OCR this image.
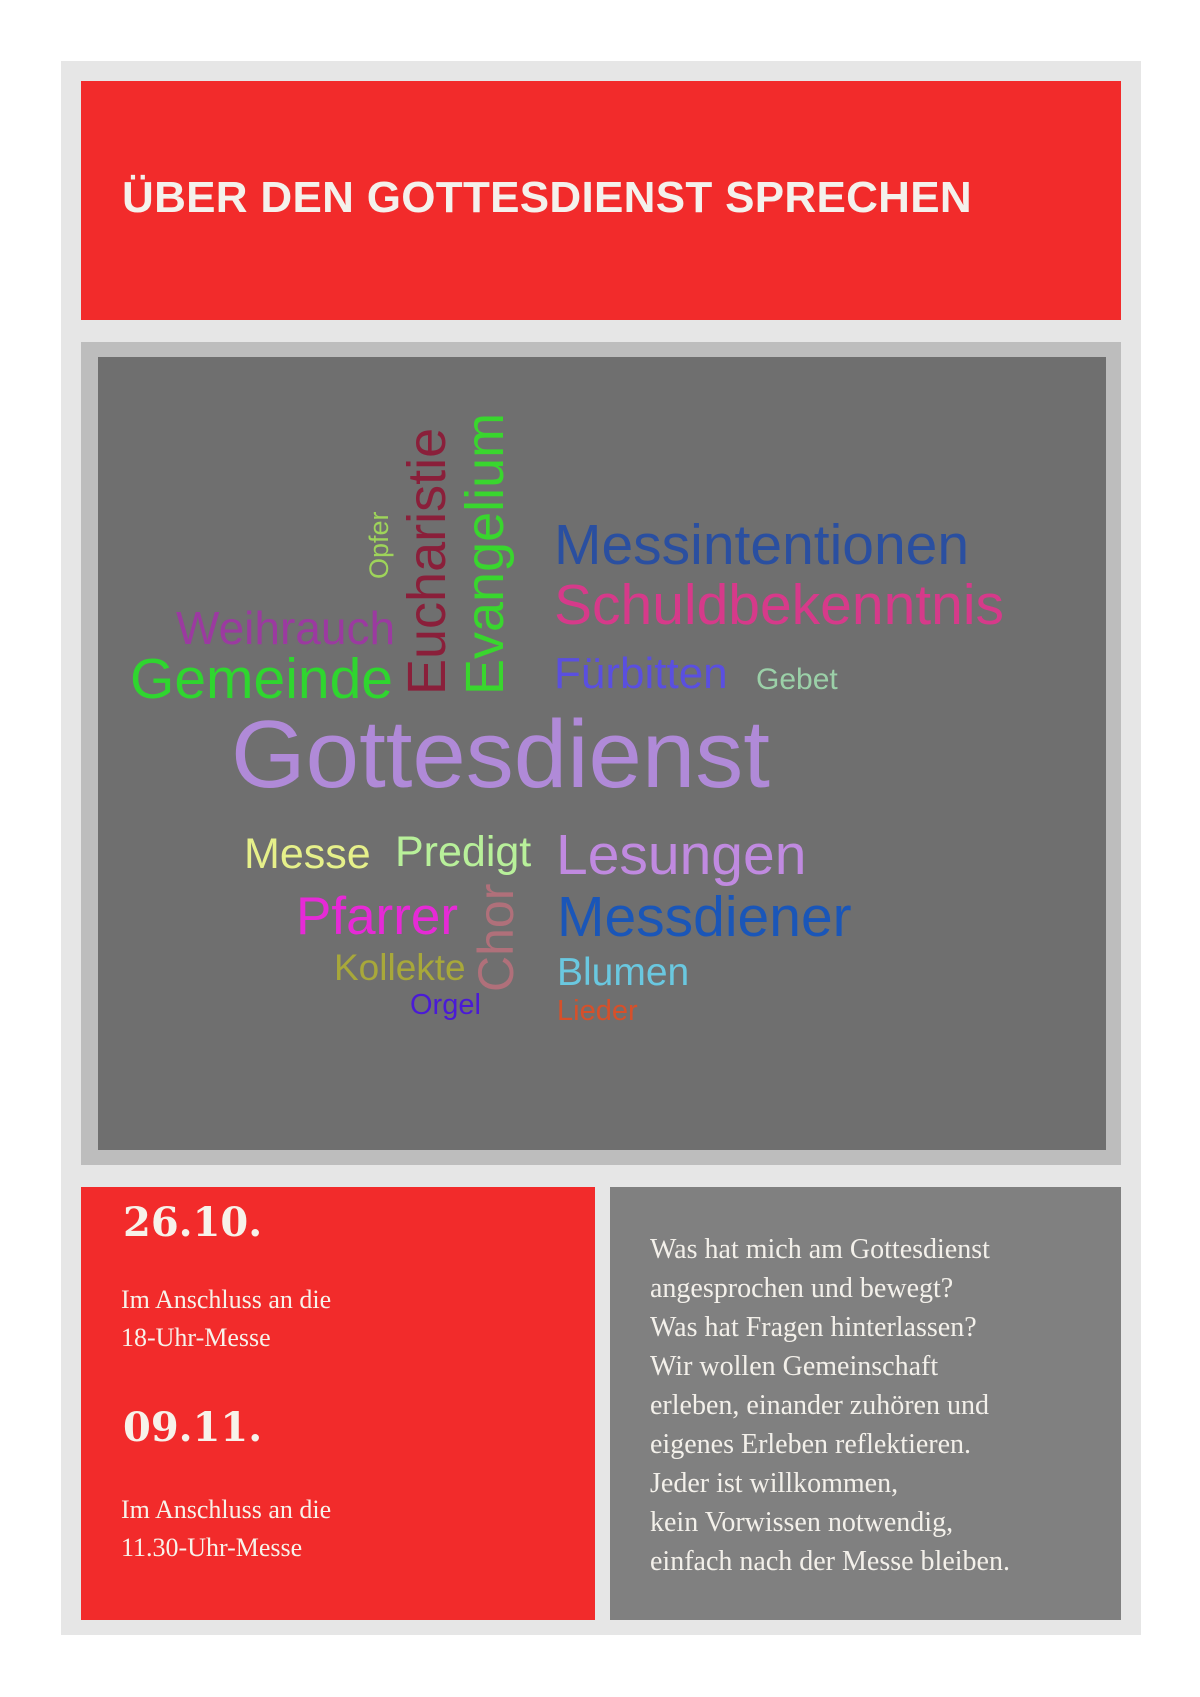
ÜBER DEN GOTTESDIENST SPRECHEN
Opfer Eucharistie
Evangelium
Chor
Messintentionen
Weihrauch	Schuldbekenntnis
Gemeinde	Fürbitten Gebet
Gottesdienst
Messe Predigt Lesungen
Pfarrer Messdiener
Kollekte Blumen
Orgel	Lieder

26.10.

Im Anschluss an die

18-Uhr-Messe

09.11.

Im Anschluss an die

11.30-Uhr-Messe

Was hat mich am Gottesdienst
angesprochen und bewegt?
Was hat Fragen hinterlassen?
Wir wollen Gemeinschaft
erleben, einander zuhören und
eigenes Erleben reflektieren.
Jeder ist willkommen,
kein Vorwissen notwendig,
einfach nach der Messe bleiben.
